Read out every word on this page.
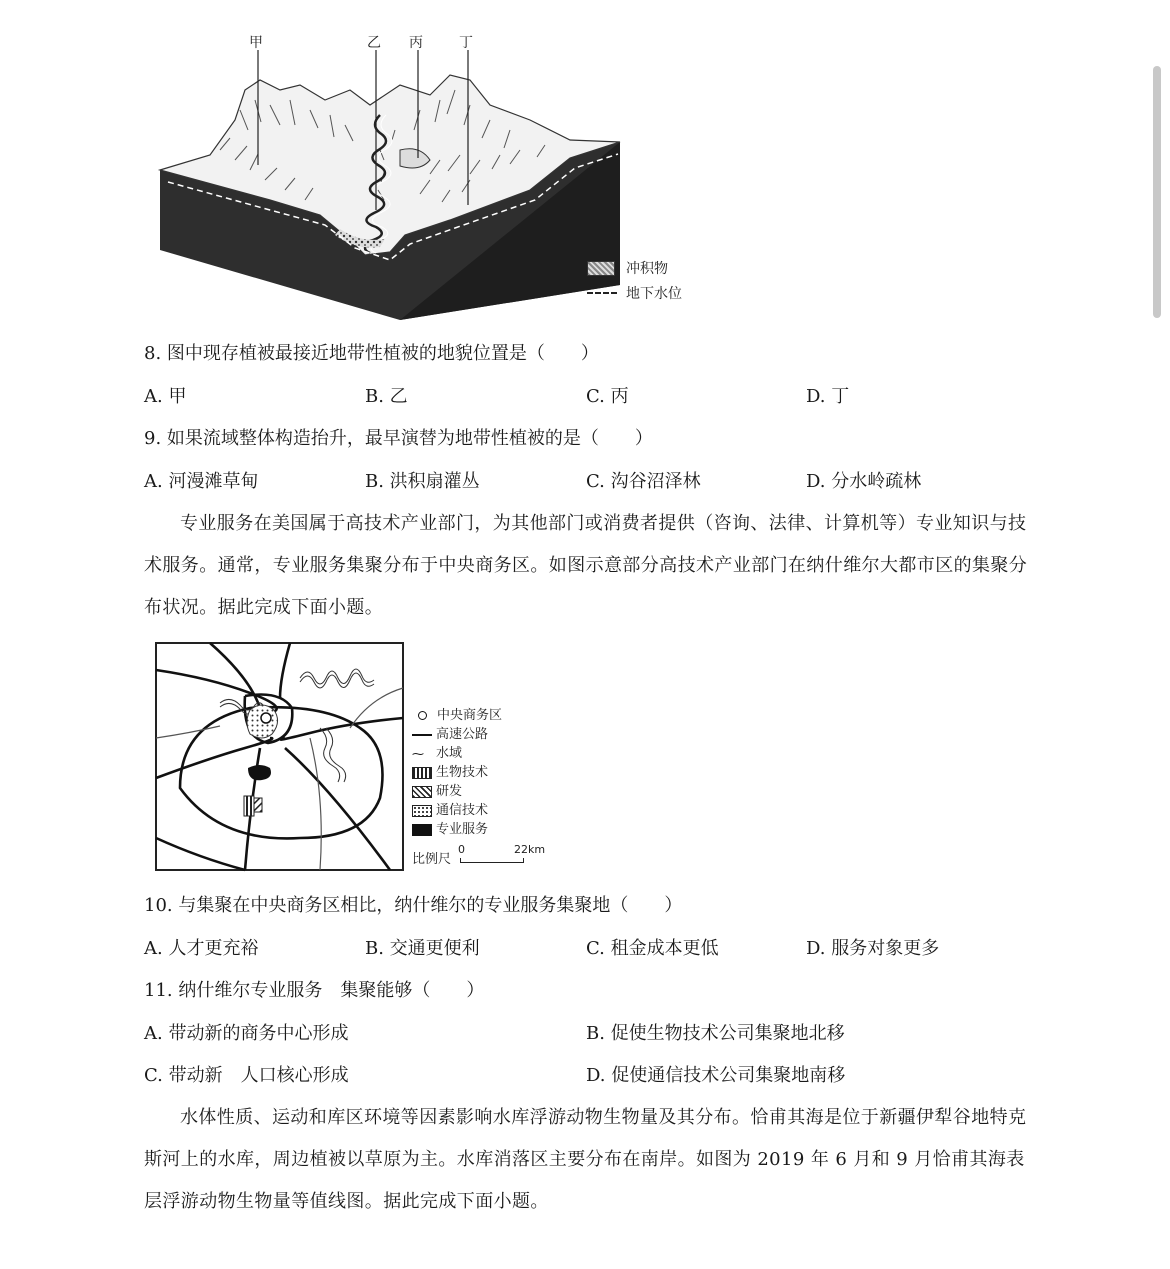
甲	乙 丙	丁
冲积物
地下水位
8. 图中现存植被最接近地带性植被的地貌位置是（　　）
A. 甲	B. 乙	C. 丙	D. 丁
9. 如果流域整体构造抬升，最早演替为地带性植被的是（　　）
A. 河漫滩草甸	B. 洪积扇灌丛	C. 沟谷沼泽林	D. 分水岭疏林
专业服务在美国属于高技术产业部门，为其他部门或消费者提供（咨询、法律、计算机等）专业知识与技术服务。通常，专业服务集聚分布于中央商务区。如图示意部分高技术产业部门在纳什维尔大都市区的集聚分布状况。据此完成下面小题。
中央商务区
高速公路
⁓ 水域
生物技术
研发
通信技术
专业服务
比例尺
0	22km
10. 与集聚在中央商务区相比，纳什维尔的专业服务集聚地（　　）
A. 人才更充裕	B. 交通更便利	C. 租金成本更低	D. 服务对象更多
11. 纳什维尔专业服务　集聚能够（　　）
A. 带动新的商务中心形成	B. 促使生物技术公司集聚地北移
C. 带动新　人口核心形成	D. 促使通信技术公司集聚地南移
水体性质、运动和库区环境等因素影响水库浮游动物生物量及其分布。恰甫其海是位于新疆伊犁谷地特克斯河上的水库，周边植被以草原为主。水库消落区主要分布在南岸。如图为 2019 年 6 月和 9 月恰甫其海表层浮游动物生物量等值线图。据此完成下面小题。
